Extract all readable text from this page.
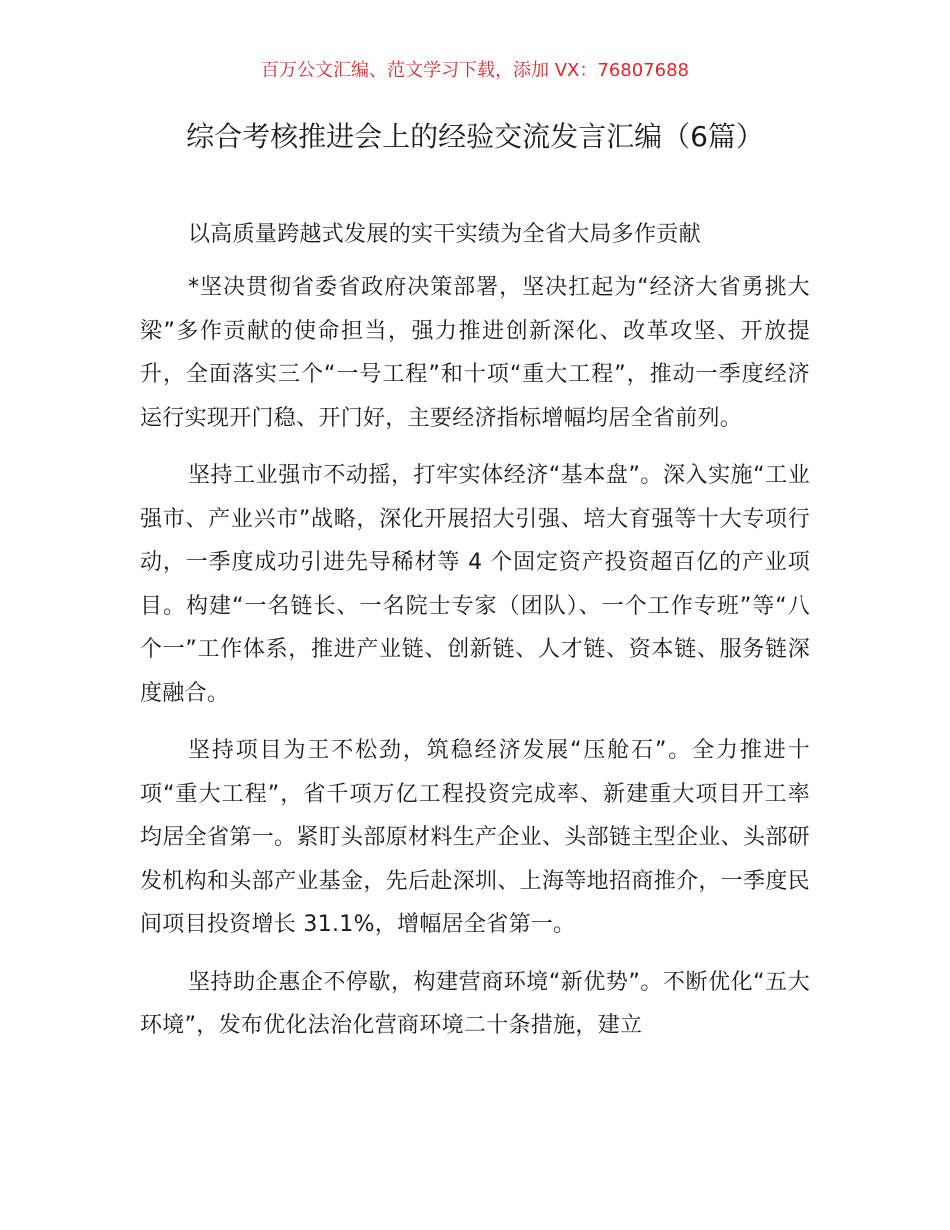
百万公文汇编、范文学习下载，添加 VX：76807688
综合考核推进会上的经验交流发言汇编（6篇）
以高质量跨越式发展的实干实绩为全省大局多作贡献

*坚决贯彻省委省政府决策部署，坚决扛起为“经济大省勇挑大梁”多作贡献的使命担当，强力推进创新深化、改革攻坚、开放提升，全面落实三个“一号工程”和十项“重大工程”，推动一季度经济运行实现开门稳、开门好，主要经济指标增幅均居全省前列。

坚持工业强市不动摇，打牢实体经济“基本盘”。深入实施“工业强市、产业兴市”战略，深化开展招大引强、培大育强等十大专项行动，一季度成功引进先导稀材等 4 个固定资产投资超百亿的产业项目。构建“一名链长、一名院士专家（团队）、一个工作专班”等“八个一”工作体系，推进产业链、创新链、人才链、资本链、服务链深度融合。

坚持项目为王不松劲，筑稳经济发展“压舱石”。全力推进十项“重大工程”，省千项万亿工程投资完成率、新建重大项目开工率均居全省第一。紧盯头部原材料生产企业、头部链主型企业、头部研发机构和头部产业基金，先后赴深圳、上海等地招商推介，一季度民间项目投资增长 31.1%，增幅居全省第一。

坚持助企惠企不停歇，构建营商环境“新优势”。不断优化“五大环境”，发布优化法治化营商环境二十条措施，建立
